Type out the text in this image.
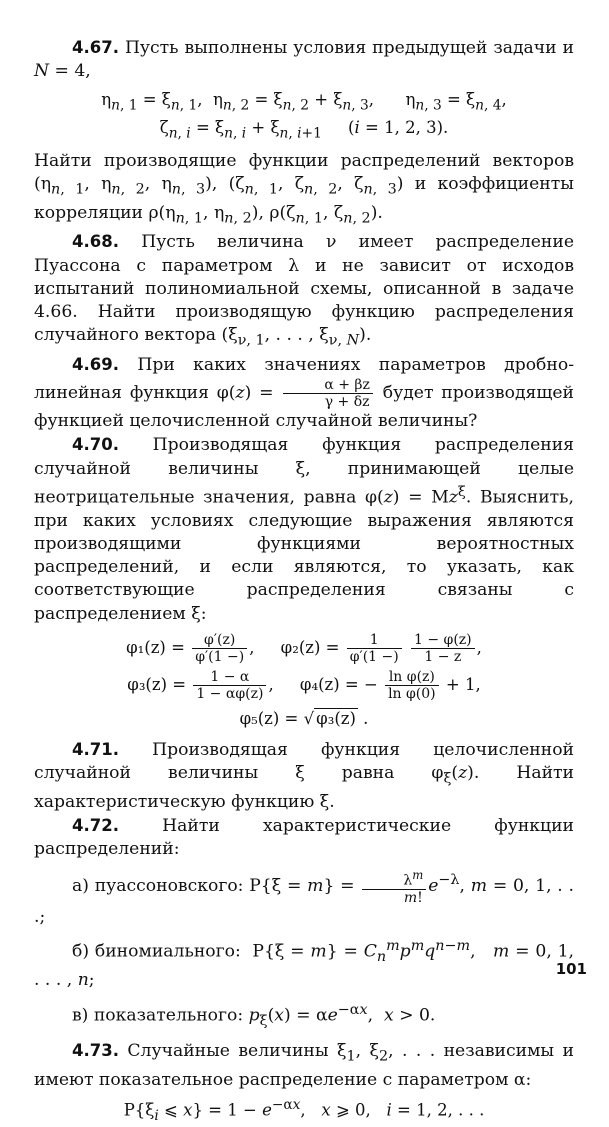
4.67. Пусть выполнены условия предыдущей задачи и N = 4,

$\eta_{n, 1} = \xi_{n, 1}$,  $\eta_{n, 2} = \xi_{n, 2} + \xi_{n, 3}$,      $\eta_{n, 3} = \xi_{n, 4}$,
$\zeta_{n, i} = \xi_{n, i} + \xi_{n, i+1}$     (i = 1, 2, 3).

Найти производящие функции распределений векторов ($\eta_{n, 1}$, $\eta_{n, 2}$, $\eta_{n, 3}$), ($\zeta_{n, 1}$, $\zeta_{n, 2}$, $\zeta_{n, 3}$) и коэффициенты корреляции $\rho(\eta_{n, 1}$, $\eta_{n, 2}$), $\rho(\zeta_{n, 1}$, $\zeta_{n, 2}$).

4.68. Пусть величина ν имеет распределение Пуассона с параметром λ и не зависит от исходов испытаний полиномиальной схемы, описанной в задаче 4.66. Найти производящую функцию распределения случайного вектора ($\xi_{\nu, 1}$, . . . , $\xi_{\nu, N}$).

4.69. При каких значениях параметров дробно-линейная функция $\varphi(z) = \frac{\alpha + \beta z}{\gamma + \delta z}$ будет производящей функцией целочисленной случайной величины?

4.70. Производящая функция распределения случайной величины ξ, принимающей целые неотрицательные значения, равна $\varphi(z) = Mz^\xi$. Выяснить, при каких условиях следующие выражения являются производящими функциями вероятностных распределений, и если являются, то указать, как соответствующие распределения связаны с распределением ξ:

$\varphi_1(z) = \frac{\varphi'(z)}{\varphi'(1 -)}$ ,     $\varphi_2(z) = \frac{1}{\varphi'(1 -)}$
$\frac{1 - \varphi(z)}{1 - z}$ ,
$\varphi_3(z) = \frac{1 - \alpha}{1 - \alpha\varphi(z)}$ ,     φ₄(z) = − $\frac{\text{ln φ(z)}}{\text{ln φ(0)}} + 1$,
φ₅(z) = √ φ₃(z) .

4.71. Производящая функция целочисленной случайной величины ξ равна $\varphi_\xi(z)$. Найти характеристическую функцию ξ.

4.72.	Найти характеристические функции распределений:

а) пуассоновского: $P\{\xi = m\} = \frac{\lambda^m}{m!} e^{-\lambda}$, m = 0, 1, . . .;

б) биномиального:  $P\{\xi = m\} = C_n^mp^mq^{n-m}$,   m = 0, 1, . . . , n;

в) показательного: $p_\xi(x) = \alpha e^{-\alpha x}$,  x > 0.

4.73. Случайные величины $\xi_1$, $\xi_2$, . . . независимы и имеют показательное распределение с параметром α:

$P\{\xi_i$ ⩽ $x\} = 1 - e^{-\alpha x}$,   x ⩾ 0,   i = 1, 2, . . .
101
